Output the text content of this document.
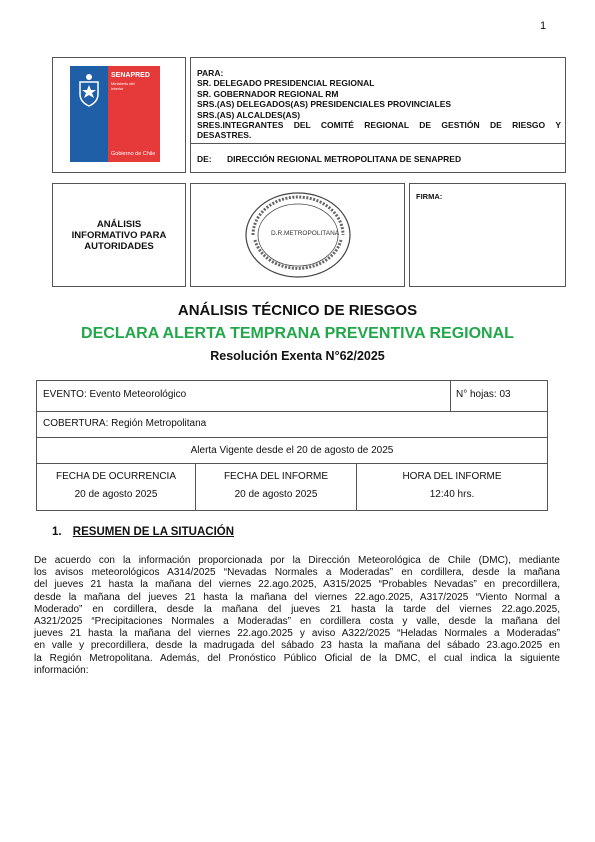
1
SENAPRED
Ministerio del
Interior
Gobierno de Chile
PARA:
SR. DELEGADO PRESIDENCIAL REGIONAL
SR. GOBERNADOR REGIONAL RM
SRS.(AS) DELEGADOS(AS) PRESIDENCIALES PROVINCIALES
SRS.(AS) ALCALDES(AS)
SRES.INTEGRANTES DEL COMITÉ REGIONAL DE GESTIÓN DE RIESGO Y
DESASTRES.
DE: DIRECCIÓN REGIONAL METROPOLITANA DE SENAPRED
ANÁLISIS
INFORMATIVO PARA
AUTORIDADES
D.R.METROPOLITANA
FIRMA:
ANÁLISIS TÉCNICO DE RIESGOS
DECLARA ALERTA TEMPRANA PREVENTIVA REGIONAL
Resolución Exenta N°62/2025
EVENTO: Evento Meteorológico	N° hojas: 03
COBERTURA: Región Metropolitana
Alerta Vigente desde el 20 de agosto de 2025
FECHA DE OCURRENCIA
20 de agosto 2025
FECHA DEL INFORME
20 de agosto 2025
HORA DEL INFORME
12:40 hrs.
1. RESUMEN DE LA SITUACIÓN
De acuerdo con la información proporcionada por la Dirección Meteorológica de Chile (DMC), mediante
los avisos meteorológicos A314/2025 “Nevadas Normales a Moderadas” en cordillera, desde la mañana
del jueves 21 hasta la mañana del viernes 22.ago.2025, A315/2025 “Probables Nevadas” en precordillera,
desde la mañana del jueves 21 hasta la mañana del viernes 22.ago.2025, A317/2025 “Viento Normal a
Moderado” en cordillera, desde la mañana del jueves 21 hasta la tarde del viernes 22.ago.2025,
A321/2025 “Precipitaciones Normales a Moderadas” en cordillera costa y valle, desde la mañana del
jueves 21 hasta la mañana del viernes 22.ago.2025 y aviso A322/2025 “Heladas Normales a Moderadas”
en valle y precordillera, desde la madrugada del sábado 23 hasta la mañana del sábado 23.ago.2025 en
la Región Metropolitana. Además, del Pronóstico Público Oficial de la DMC, el cual indica la siguiente
información:
